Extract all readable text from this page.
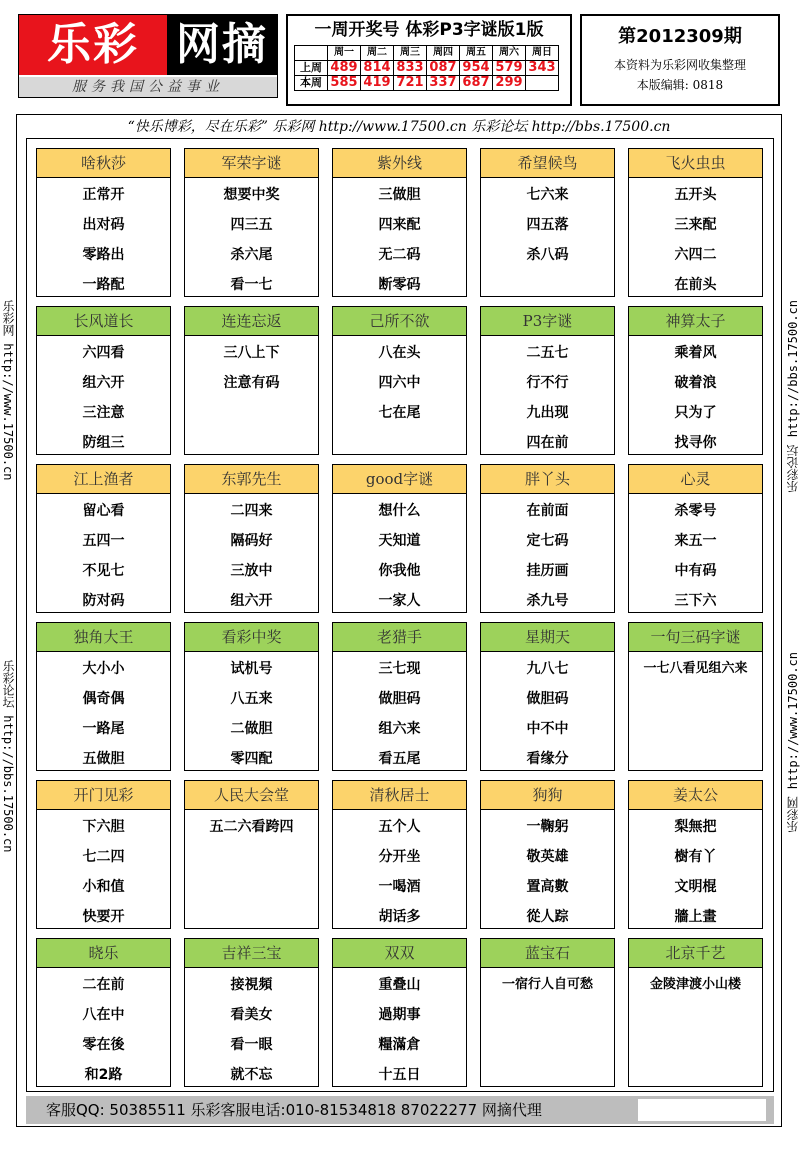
乐彩 网摘
服务我国公益事业
一周开奖号 体彩P3字谜版1版
	周一	周二	周三	周四	周五	周六	周日
上周	489	814	833	087	954	579	343
本周	585	419	721	337	687	299	
第2012309期
本资料为乐彩网收集整理
本版编辑: 0818
“快乐博彩，尽在乐彩” 乐彩网 http://www.17500.cn 乐彩论坛 http://bbs.17500.cn
乐彩网 http://www.17500.cn
乐彩论坛 http://bbs.17500.cn
乐彩论坛 http://bbs.17500.cn
乐彩网 http://www.17500.cn
啥秋莎
正常开
出对码
零路出
一路配
军荣字谜
想要中奖
四三五
杀六尾
看一七
紫外线
三做胆
四来配
无二码
断零码
希望候鸟
七六来
四五落
杀八码
飞火虫虫
五开头
三来配
六四二
在前头
长风道长
六四看
组六开
三注意
防组三
连连忘返
三八上下
注意有码
己所不欲
八在头
四六中
七在尾
P3字谜
二五七
行不行
九出现
四在前
神算太子
乘着风
破着浪
只为了
找寻你
江上渔者
留心看
五四一
不见七
防对码
东郭先生
二四来
隔码好
三放中
组六开
good字谜
想什么
天知道
你我他
一家人
胖丫头
在前面
定七码
挂历画
杀九号
心灵
杀零号
来五一
中有码
三下六
独角大王
大小小
偶奇偶
一路尾
五做胆
看彩中奖
试机号
八五来
二做胆
零四配
老猎手
三七现
做胆码
组六来
看五尾
星期天
九八七
做胆码
中不中
看缘分
一句三码字谜
一七八看见组六来
开门见彩
下六胆
七二四
小和值
快要开
人民大会堂
五二六看跨四
清秋居士
五个人
分开坐
一喝酒
胡话多
狗狗
一鞠躬
敬英雄
置高數
從人踪
姜太公
梨無把
樹有丫
文明棍
牆上畫
晓乐
二在前
八在中
零在後
和2路
吉祥三宝
接視頻
看美女
看一眼
就不忘
双双
重叠山
過期事
糧滿倉
十五日
蓝宝石
一宿行人自可愁
北京千艺
金陵津渡小山楼
客服QQ: 50385511 乐彩客服电话:010-81534818 87022277 网摘代理
